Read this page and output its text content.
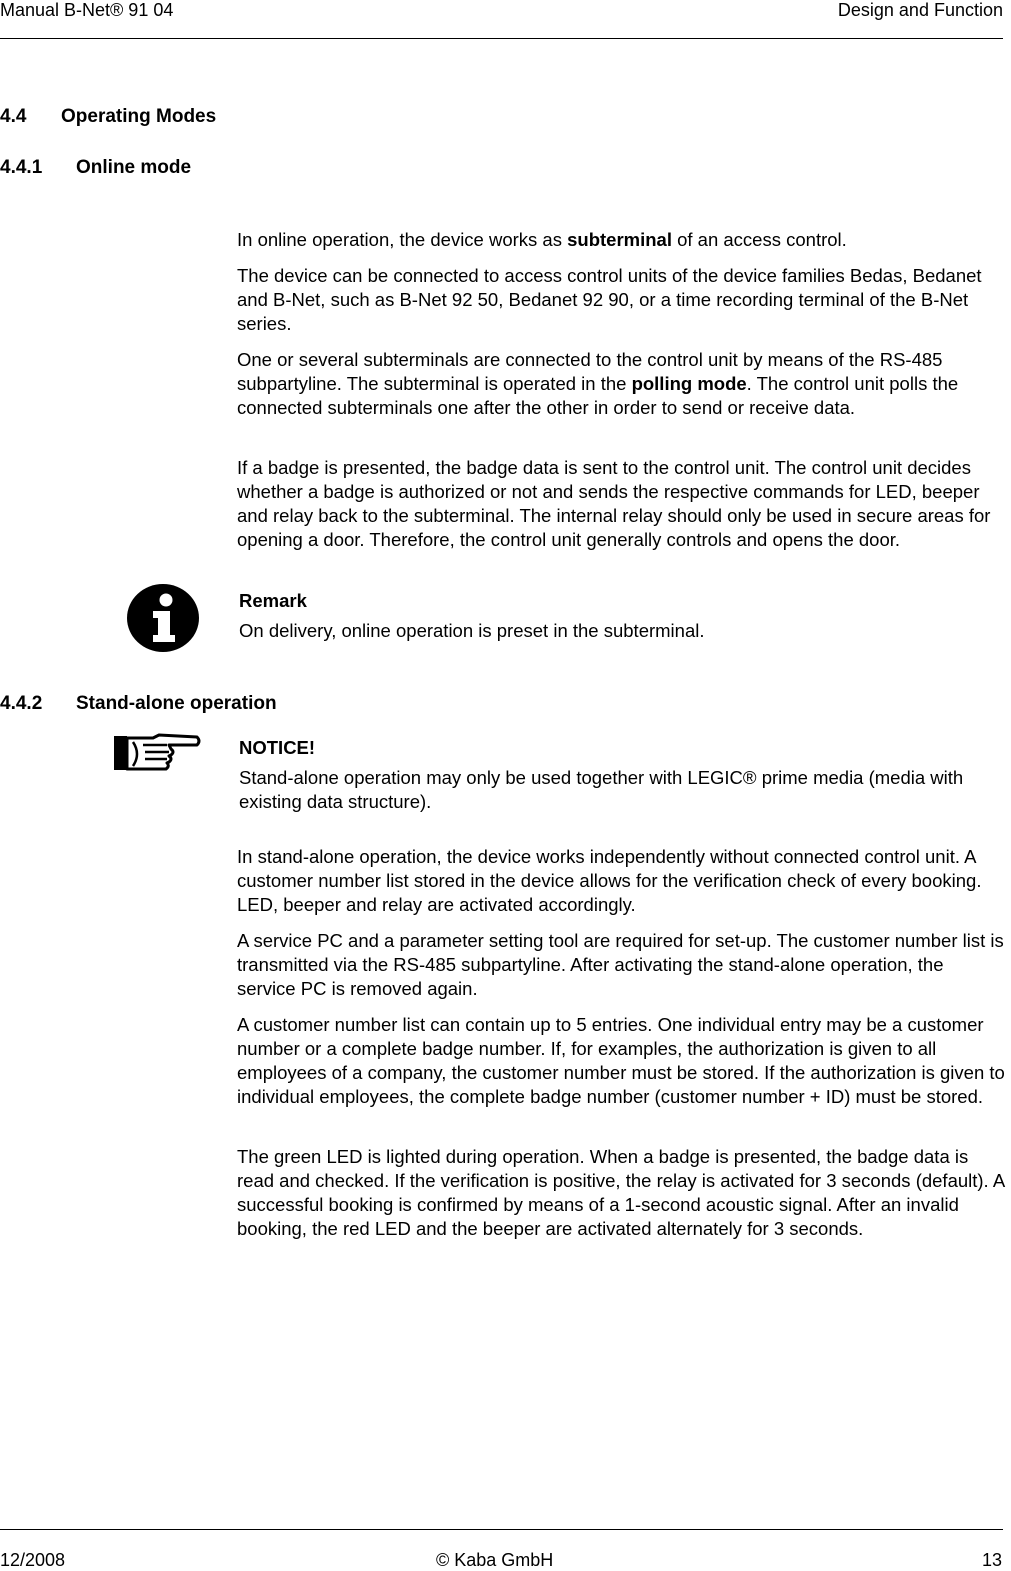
Manual B-Net® 91 04	Design and Function
4.4 Operating Modes
4.4.1 Online mode

In online operation, the device works as subterminal of an access control.

The device can be connected to access control units of the device families Bedas, Bedanet and B-Net, such as B-Net 92 50, Bedanet 92 90, or a time recording terminal of the B-Net series.

One or several subterminals are connected to the control unit by means of the RS-485 subpartyline. The subterminal is operated in the polling mode. The control unit polls the connected subterminals one after the other in order to send or receive data.

If a badge is presented, the badge data is sent to the control unit. The control unit decides whether a badge is authorized or not and sends the respective commands for LED, beeper and relay back to the subterminal. The internal relay should only be used in secure areas for opening a door. Therefore, the control unit generally controls and opens the door.

Remark
On delivery, online operation is preset in the subterminal.
4.4.2 Stand-alone operation
NOTICE!
Stand-alone operation may only be used together with LEGIC® prime media (media with existing data structure).

In stand-alone operation, the device works independently without connected control unit. A customer number list stored in the device allows for the verification check of every booking. LED, beeper and relay are activated accordingly.

A service PC and a parameter setting tool are required for set-up. The customer number list is transmitted via the RS-485 subpartyline. After activating the stand-alone operation, the service PC is removed again.

A customer number list can contain up to 5 entries. One individual entry may be a customer number or a complete badge number. If, for examples, the authorization is given to all employees of a company, the customer number must be stored. If the authorization is given to individual employees, the complete badge number (customer number + ID) must be stored.

The green LED is lighted during operation. When a badge is presented, the badge data is read and checked. If the verification is positive, the relay is activated for 3 seconds (default). A successful booking is confirmed by means of a 1-second acoustic signal. After an invalid booking, the red LED and the beeper are activated alternately for 3 seconds.

12/2008	© Kaba GmbH	13
